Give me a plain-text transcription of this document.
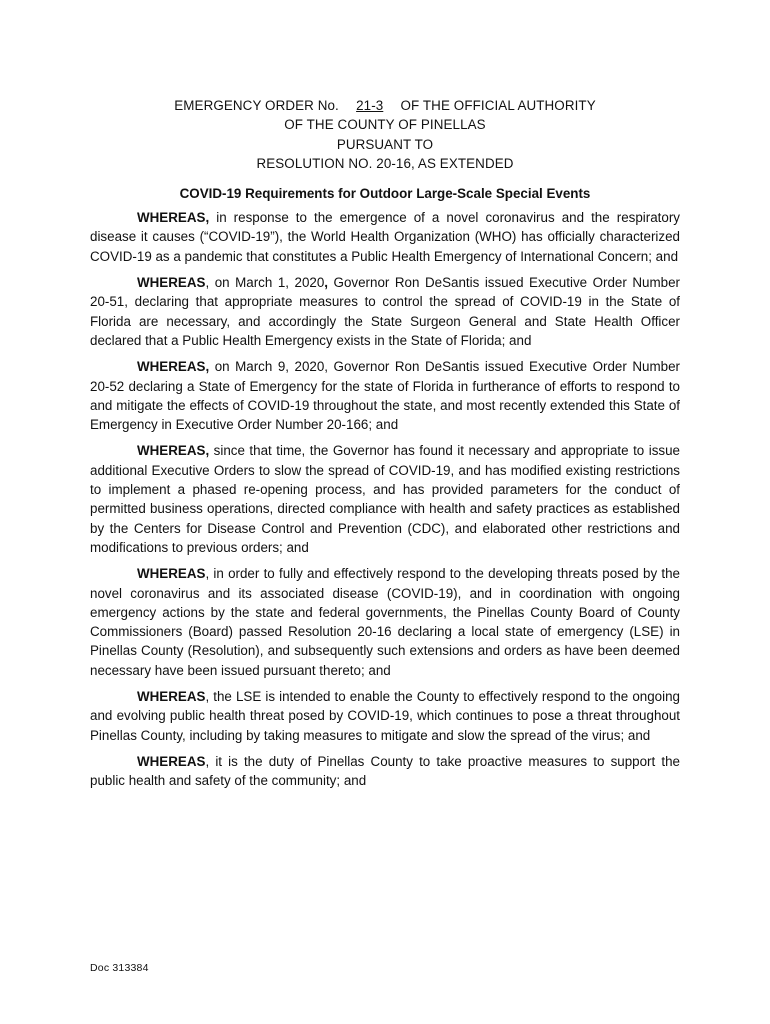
EMERGENCY ORDER No. 21-3 OF THE OFFICIAL AUTHORITY

OF THE COUNTY OF PINELLAS

PURSUANT TO

RESOLUTION NO. 20-16, AS EXTENDED

COVID-19 Requirements for Outdoor Large-Scale Special Events

WHEREAS, in response to the emergence of a novel coronavirus and the respiratory disease it causes (“COVID-19”), the World Health Organization (WHO) has officially characterized COVID-19 as a pandemic that constitutes a Public Health Emergency of International Concern; and

WHEREAS, on March 1, 2020, Governor Ron DeSantis issued Executive Order Number 20-51, declaring that appropriate measures to control the spread of COVID-19 in the State of Florida are necessary, and accordingly the State Surgeon General and State Health Officer declared that a Public Health Emergency exists in the State of Florida; and

WHEREAS, on March 9, 2020, Governor Ron DeSantis issued Executive Order Number 20-52 declaring a State of Emergency for the state of Florida in furtherance of efforts to respond to and mitigate the effects of COVID-19 throughout the state, and most recently extended this State of Emergency in Executive Order Number 20-166; and

WHEREAS, since that time, the Governor has found it necessary and appropriate to issue additional Executive Orders to slow the spread of COVID-19, and has modified existing restrictions to implement a phased re-opening process, and has provided parameters for the conduct of permitted business operations, directed compliance with health and safety practices as established by the Centers for Disease Control and Prevention (CDC), and elaborated other restrictions and modifications to previous orders; and

WHEREAS, in order to fully and effectively respond to the developing threats posed by the novel coronavirus and its associated disease (COVID-19), and in coordination with ongoing emergency actions by the state and federal governments, the Pinellas County Board of County Commissioners (Board) passed Resolution 20-16 declaring a local state of emergency (LSE) in Pinellas County (Resolution), and subsequently such extensions and orders as have been deemed necessary have been issued pursuant thereto; and

WHEREAS, the LSE is intended to enable the County to effectively respond to the ongoing and evolving public health threat posed by COVID-19, which continues to pose a threat throughout Pinellas County, including by taking measures to mitigate and slow the spread of the virus; and

WHEREAS, it is the duty of Pinellas County to take proactive measures to support the public health and safety of the community; and

Doc 313384
